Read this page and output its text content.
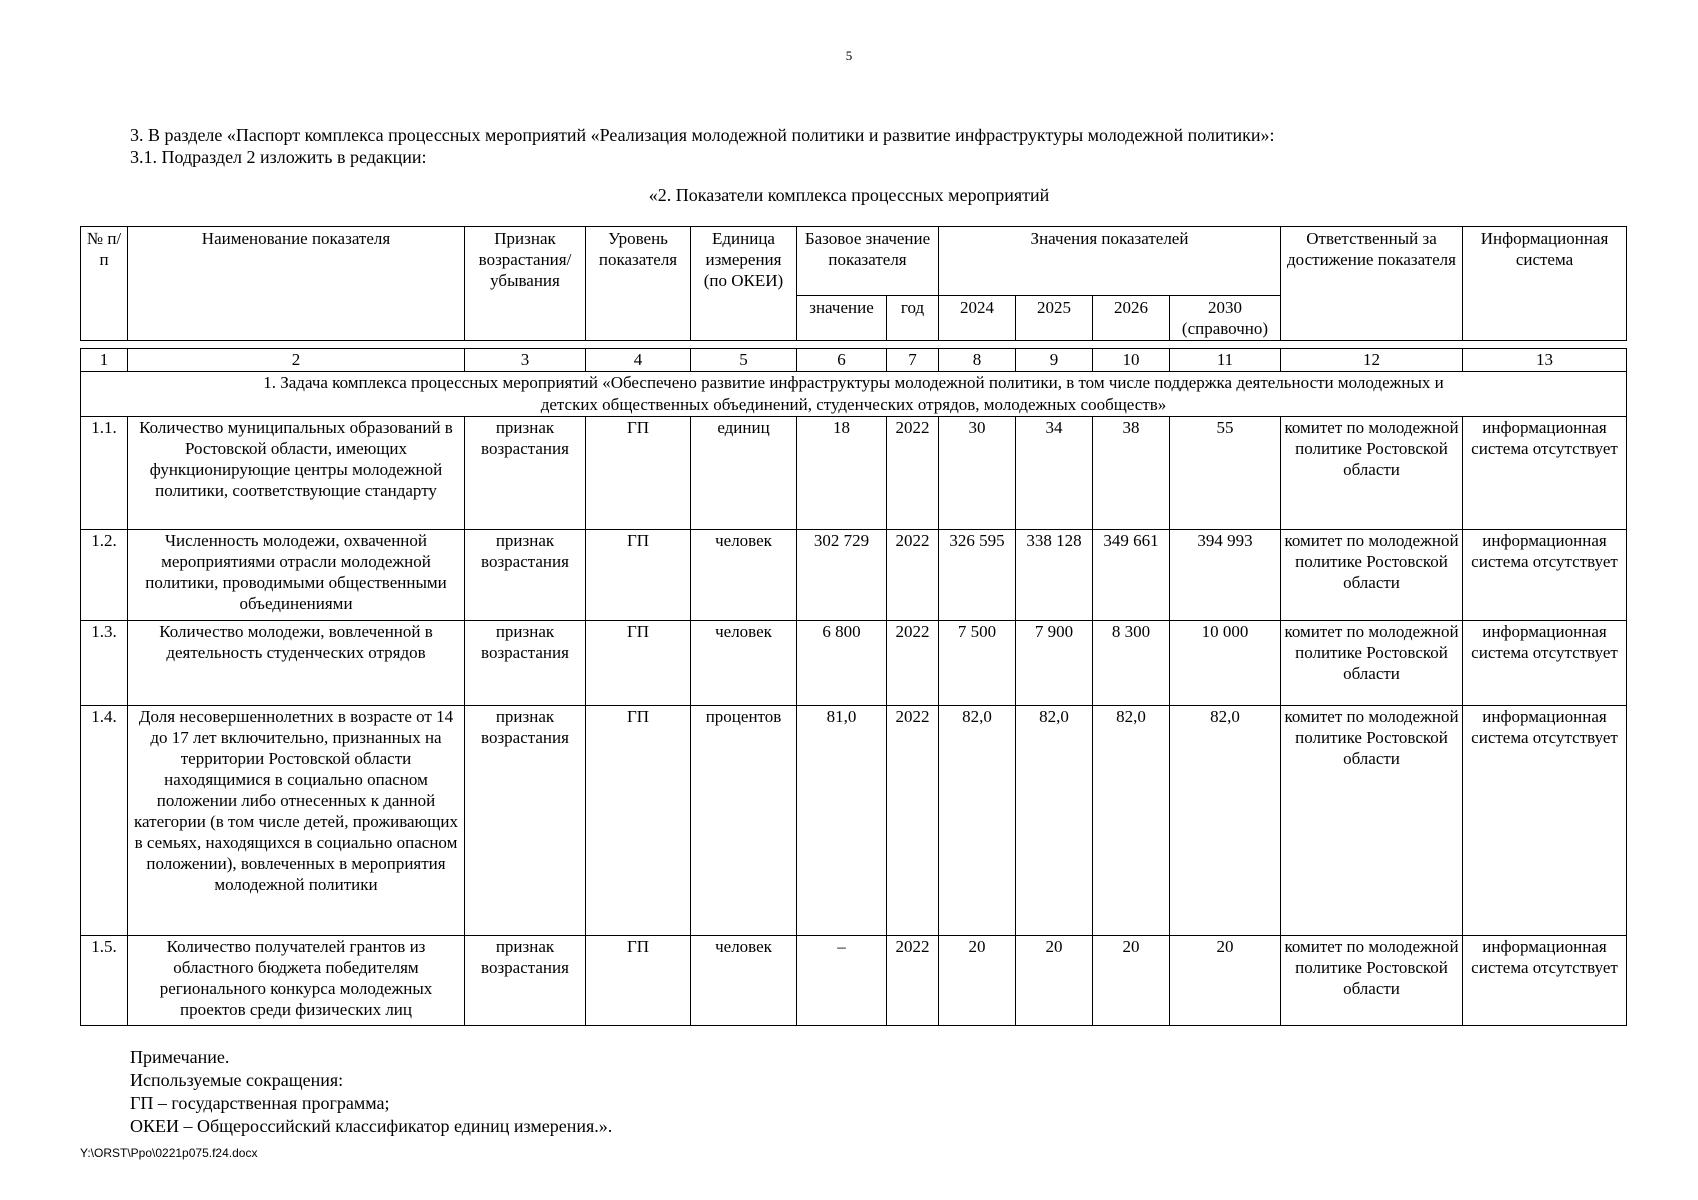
5
3. В разделе «Паспорт комплекса процессных мероприятий «Реализация молодежной политики и развитие инфраструктуры молодежной политики»:
3.1. Подраздел 2 изложить в редакции:
«2. Показатели комплекса процессных мероприятий
№ п/п	Наименование показателя	Признак возрастания/ убывания	Уровень показателя	Единица измерения (по ОКЕИ)	Базовое значение показателя		Значения показателей				Ответственный за достижение показателя	Информационная система
					значение	год	2024	2025	2026	2030 (справочно)		
1	2	3	4	5	6	7	8	9	10	11	12	13
1. Задача комплекса процессных мероприятий «Обеспечено развитие инфраструктуры молодежной политики, в том числе поддержка деятельности молодежных и детских общественных объединений, студенческих отрядов, молодежных сообществ»												
1.1.	Количество муниципальных образований в Ростовской области, имеющих функционирующие центры молодежной политики, соответствующие стандарту	признак возрастания	ГП	единиц	18	2022	30	34	38	55	комитет по молодежной политике Ростовской области	информационная система отсутствует
1.2.	Численность молодежи, охваченной мероприятиями отрасли молодежной политики, проводимыми общественными объединениями	признак возрастания	ГП	человек	302 729	2022	326 595	338 128	349 661	394 993	комитет по молодежной политике Ростовской области	информационная система отсутствует
1.3.	Количество молодежи, вовлеченной в деятельность студенческих отрядов	признак возрастания	ГП	человек	6 800	2022	7 500	7 900	8 300	10 000	комитет по молодежной политике Ростовской области	информационная система отсутствует
1.4.	Доля несовершеннолетних в возрасте от 14 до 17 лет включительно, признанных на территории Ростовской области находящимися в социально опасном положении либо отнесенных к данной категории (в том числе детей, проживающих в семьях, находящихся в социально опасном положении), вовлеченных в мероприятия молодежной политики	признак возрастания	ГП	процентов	81,0	2022	82,0	82,0	82,0	82,0	комитет по молодежной политике Ростовской области	информационная система отсутствует
1.5.	Количество получателей грантов из областного бюджета победителям регионального конкурса молодежных проектов среди физических лиц	признак возрастания	ГП	человек	–	2022	20	20	20	20	комитет по молодежной политике Ростовской области	информационная система отсутствует
Примечание.
Используемые сокращения:
ГП – государственная программа;
ОКЕИ – Общероссийский классификатор единиц измерения.».
Y:\ORST\Ppo\0221p075.f24.docx
